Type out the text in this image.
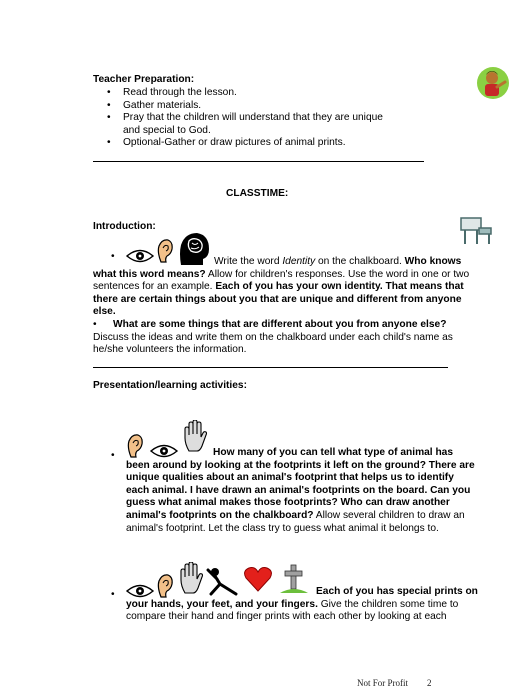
Teacher Preparation:
• Read through the lesson.
• Gather materials.
• Pray that the children will understand that they are unique and special to God.
• Optional-Gather or draw pictures of animal prints.
CLASSTIME:
Introduction:
•	Write the word Identity on the chalkboard. Who knows what this word means? Allow for children's responses. Use the word in one or two sentences for an example. Each of you has your own identity. That means that there are certain things about you that are unique and different from anyone else.
• What are some things that are different about you from anyone else? Discuss the ideas and write them on the chalkboard under each child's name as he/she volunteers the information.
Presentation/learning activities:
•	How many of you can tell what type of animal has been around by looking at the footprints it left on the ground? There are unique qualities about an animal's footprint that helps us to identify each animal. I have drawn an animal's footprints on the board. Can you guess what animal makes those footprints? Who can draw another animal's footprints on the chalkboard? Allow several children to draw an animal's footprint. Let the class try to guess what animal it belongs to.
•	Each of you has special prints on your hands, your feet, and your fingers. Give the children some time to compare their hand and finger prints with each other by looking at each
Not For Profit 2
